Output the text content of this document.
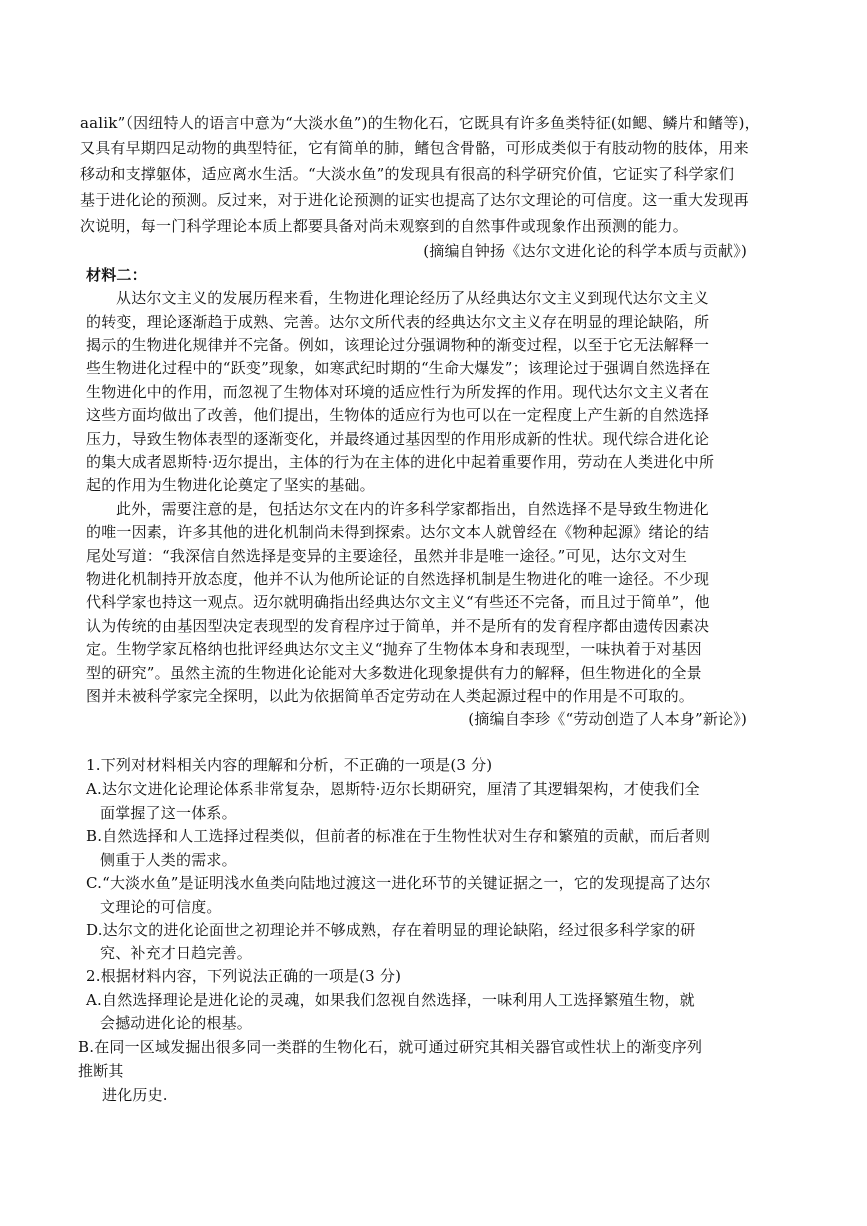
aalik”（因纽特人的语言中意为“大淡水鱼”)的生物化石，它既具有许多鱼类特征(如鳃、鳞片和鳍等)，
又具有早期四足动物的典型特征，它有简单的肺，鳍包含骨骼，可形成类似于有肢动物的肢体，用来
移动和支撑躯体，适应离水生活。“大淡水鱼”的发现具有很高的科学研究价值，它证实了科学家们
基于进化论的预测。反过来，对于进化论预测的证实也提高了达尔文理论的可信度。这一重大发现再
次说明，每一门科学理论本质上都要具备对尚未观察到的自然事件或现象作出预测的能力。
(摘编自钟扬《达尔文进化论的科学本质与贡献》)
材料二：
从达尔文主义的发展历程来看，生物进化理论经历了从经典达尔文主义到现代达尔文主义
的转变，理论逐渐趋于成熟、完善。达尔文所代表的经典达尔文主义存在明显的理论缺陷，所
揭示的生物进化规律并不完备。例如，该理论过分强调物种的渐变过程，以至于它无法解释一
些生物进化过程中的“跃变”现象，如寒武纪时期的“生命大爆发”；该理论过于强调自然选择在
生物进化中的作用，而忽视了生物体对环境的适应性行为所发挥的作用。现代达尔文主义者在
这些方面均做出了改善，他们提出，生物体的适应行为也可以在一定程度上产生新的自然选择
压力，导致生物体表型的逐渐变化，并最终通过基因型的作用形成新的性状。现代综合进化论
的集大成者恩斯特·迈尔提出，主体的行为在主体的进化中起着重要作用，劳动在人类进化中所
起的作用为生物进化论奠定了坚实的基础。
此外，需要注意的是，包括达尔文在内的许多科学家都指出，自然选择不是导致生物进化
的唯一因素，许多其他的进化机制尚未得到探索。达尔文本人就曾经在《物种起源》绪论的结
尾处写道：“我深信自然选择是变异的主要途径，虽然并非是唯一途径。”可见，达尔文对生
物进化机制持开放态度，他并不认为他所论证的自然选择机制是生物进化的唯一途径。不少现
代科学家也持这一观点。迈尔就明确指出经典达尔文主义“有些还不完备，而且过于简单”，他
认为传统的由基因型决定表现型的发育程序过于简单，并不是所有的发育程序都由遗传因素决
定。生物学家瓦格纳也批评经典达尔文主义“抛弃了生物体本身和表现型，一味执着于对基因
型的研究”。虽然主流的生物进化论能对大多数进化现象提供有力的解释，但生物进化的全景
图并未被科学家完全探明，以此为依据简单否定劳动在人类起源过程中的作用是不可取的。
(摘编自李珍《“劳动创造了人本身”新论》)
1.下列对材料相关内容的理解和分析，不正确的一项是(3 分)
A.达尔文进化论理论体系非常复杂，恩斯特·迈尔长期研究，厘清了其逻辑架构，才使我们全
面掌握了这一体系。
B.自然选择和人工选择过程类似，但前者的标准在于生物性状对生存和繁殖的贡献，而后者则
侧重于人类的需求。
C.“大淡水鱼”是证明浅水鱼类向陆地过渡这一进化环节的关键证据之一，它的发现提高了达尔
文理论的可信度。
D.达尔文的进化论面世之初理论并不够成熟，存在着明显的理论缺陷，经过很多科学家的研
究、补充才日趋完善。
2.根据材料内容，下列说法正确的一项是(3 分)
A.自然选择理论是进化论的灵魂，如果我们忽视自然选择，一味利用人工选择繁殖生物，就
会撼动进化论的根基。
B.在同一区域发掘出很多同一类群的生物化石，就可通过研究其相关器官或性状上的渐变序列
推断其
进化历史.
